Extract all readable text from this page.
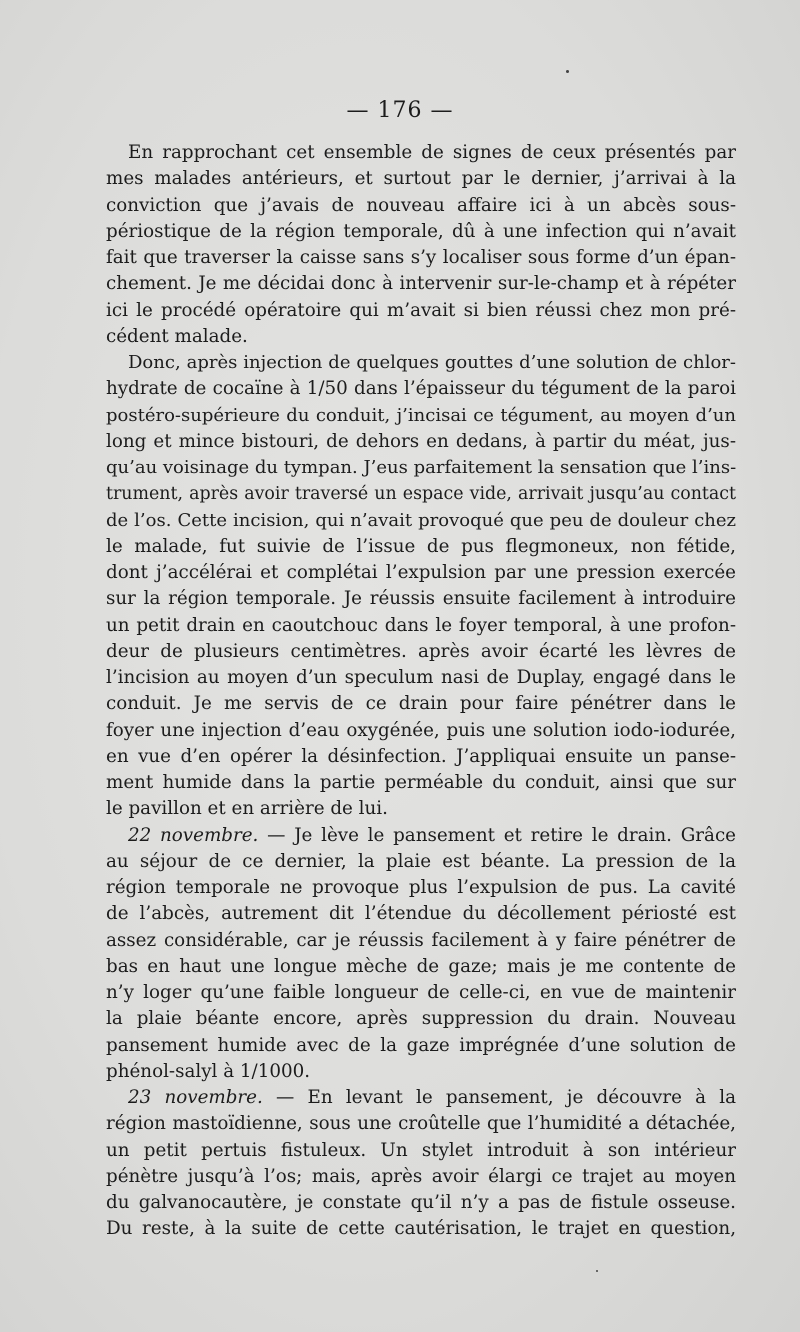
— 176 —
En rapprochant cet ensemble de signes de ceux présentés par
mes malades antérieurs, et surtout par le dernier, j’arrivai à la
conviction que j’avais de nouveau affaire ici à un abcès sous-
périostique de la région temporale, dû à une infection qui n’avait
fait que traverser la caisse sans s’y localiser sous forme d’un épan-
chement. Je me décidai donc à intervenir sur-le-champ et à répéter
ici le procédé opératoire qui m’avait si bien réussi chez mon pré-
cédent malade.
Donc, après injection de quelques gouttes d’une solution de chlor-
hydrate de cocaïne à 1/50 dans l’épaisseur du tégument de la paroi
postéro-supérieure du conduit, j’incisai ce tégument, au moyen d’un
long et mince bistouri, de dehors en dedans, à partir du méat, jus-
qu’au voisinage du tympan. J’eus parfaitement la sensation que l’ins-
trument, après avoir traversé un espace vide, arrivait jusqu’au contact
de l’os. Cette incision, qui n’avait provoqué que peu de douleur chez
le malade, fut suivie de l’issue de pus flegmoneux, non fétide,
dont j’accélérai et complétai l’expulsion par une pression exercée
sur la région temporale. Je réussis ensuite facilement à introduire
un petit drain en caoutchouc dans le foyer temporal, à une profon-
deur de plusieurs centimètres. après avoir écarté les lèvres de
l’incision au moyen d’un speculum nasi de Duplay, engagé dans le
conduit. Je me servis de ce drain pour faire pénétrer dans le
foyer une injection d’eau oxygénée, puis une solution iodo-iodurée,
en vue d’en opérer la désinfection. J’appliquai ensuite un panse-
ment humide dans la partie perméable du conduit, ainsi que sur
le pavillon et en arrière de lui.
22 novembre. — Je lève le pansement et retire le drain. Grâce
au séjour de ce dernier, la plaie est béante. La pression de la
région temporale ne provoque plus l’expulsion de pus. La cavité
de l’abcès, autrement dit l’étendue du décollement périosté est
assez considérable, car je réussis facilement à y faire pénétrer de
bas en haut une longue mèche de gaze; mais je me contente de
n’y loger qu’une faible longueur de celle-ci, en vue de maintenir
la plaie béante encore, après suppression du drain. Nouveau
pansement humide avec de la gaze imprégnée d’une solution de
phénol-salyl à 1/1000.
23 novembre. — En levant le pansement, je découvre à la
région mastoïdienne, sous une croûtelle que l’humidité a détachée,
un petit pertuis fistuleux. Un stylet introduit à son intérieur
pénètre jusqu’à l’os; mais, après avoir élargi ce trajet au moyen
du galvanocautère, je constate qu’il n’y a pas de fistule osseuse.
Du reste, à la suite de cette cautérisation, le trajet en question,
